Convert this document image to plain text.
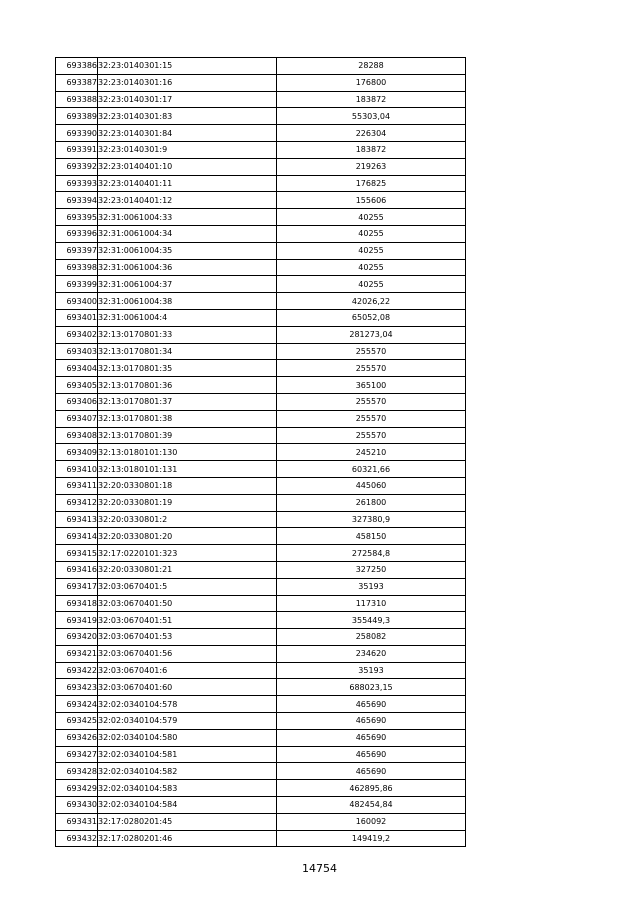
693386	32:23:0140301:15	28288
693387	32:23:0140301:16	176800
693388	32:23:0140301:17	183872
693389	32:23:0140301:83	55303,04
693390	32:23:0140301:84	226304
693391	32:23:0140301:9	183872
693392	32:23:0140401:10	219263
693393	32:23:0140401:11	176825
693394	32:23:0140401:12	155606
693395	32:31:0061004:33	40255
693396	32:31:0061004:34	40255
693397	32:31:0061004:35	40255
693398	32:31:0061004:36	40255
693399	32:31:0061004:37	40255
693400	32:31:0061004:38	42026,22
693401	32:31:0061004:4	65052,08
693402	32:13:0170801:33	281273,04
693403	32:13:0170801:34	255570
693404	32:13:0170801:35	255570
693405	32:13:0170801:36	365100
693406	32:13:0170801:37	255570
693407	32:13:0170801:38	255570
693408	32:13:0170801:39	255570
693409	32:13:0180101:130	245210
693410	32:13:0180101:131	60321,66
693411	32:20:0330801:18	445060
693412	32:20:0330801:19	261800
693413	32:20:0330801:2	327380,9
693414	32:20:0330801:20	458150
693415	32:17:0220101:323	272584,8
693416	32:20:0330801:21	327250
693417	32:03:0670401:5	35193
693418	32:03:0670401:50	117310
693419	32:03:0670401:51	355449,3
693420	32:03:0670401:53	258082
693421	32:03:0670401:56	234620
693422	32:03:0670401:6	35193
693423	32:03:0670401:60	688023,15
693424	32:02:0340104:578	465690
693425	32:02:0340104:579	465690
693426	32:02:0340104:580	465690
693427	32:02:0340104:581	465690
693428	32:02:0340104:582	465690
693429	32:02:0340104:583	462895,86
693430	32:02:0340104:584	482454,84
693431	32:17:0280201:45	160092
693432	32:17:0280201:46	149419,2
14754
